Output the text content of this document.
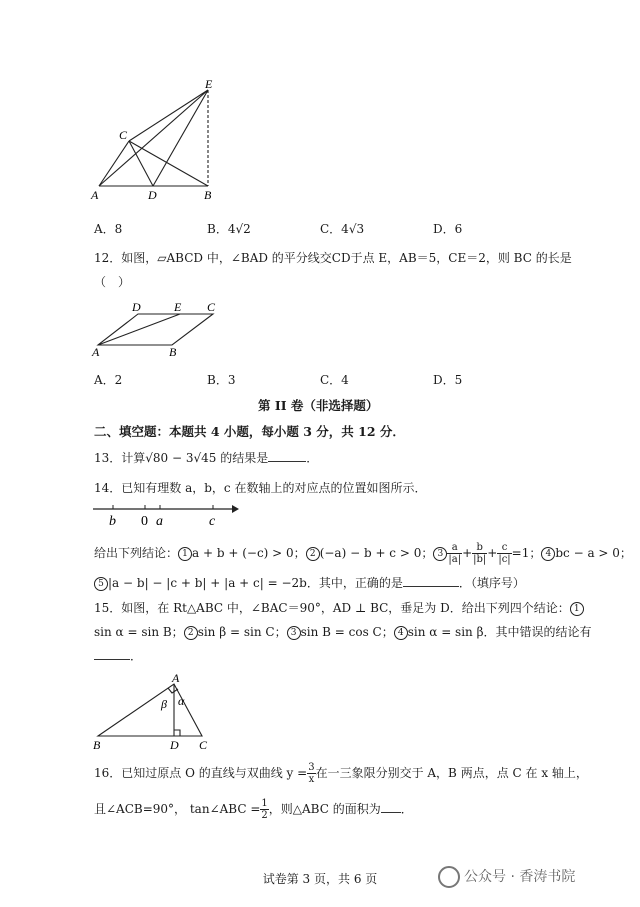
E
C
A	D	B
A．8	B．4√2	C．4√3	D．6
12．如图，▱ABCD 中，∠BAD 的平分线交CD于点 E，AB＝5，CE＝2，则 BC 的长是
（　）
D	E C
A	B
A．2	B．3	C．4	D．5
第 II 卷（非选择题）
二、填空题：本题共 4 小题，每小题 3 分，共 12 分．
13．计算√80 − 3√45 的结果是	．
14．已知有理数 a，b，c 在数轴上的对应点的位置如图所示．
b 0 a	c
给出下列结论： 1 a + b + (−c) > 0； 2 (−a) − b + c > 0； $3 \frac{a}{|a|} + \frac{b}{|b|} + \frac{c}{|c|} =1$； 4 bc − a > 0；
5 |a − b| − |c + b| + |a + c| = −2b．其中，正确的是	．（填序号）
15．如图，在 Rt△ABC 中，∠BAC＝90°，AD ⊥ BC，垂足为 D．给出下列四个结论： 1
sin α = sin B； 2 sin β = sin C； 3 sin B = cos C； 4 sin α = sin β．其中错误的结论有
．
A
β α
B	D C
16．已知过原点 O 的直线与双曲线 $y = \frac{3}{x}$ 在一三象限分别交于 A，B 两点，点 C 在 x 轴上，
且∠ACB=90°， tan∠ABC = $\frac{1}{2}$ ，则△ABC 的面积为 ．
试卷第 3 页，共 6 页	公众号 · 香涛书院
